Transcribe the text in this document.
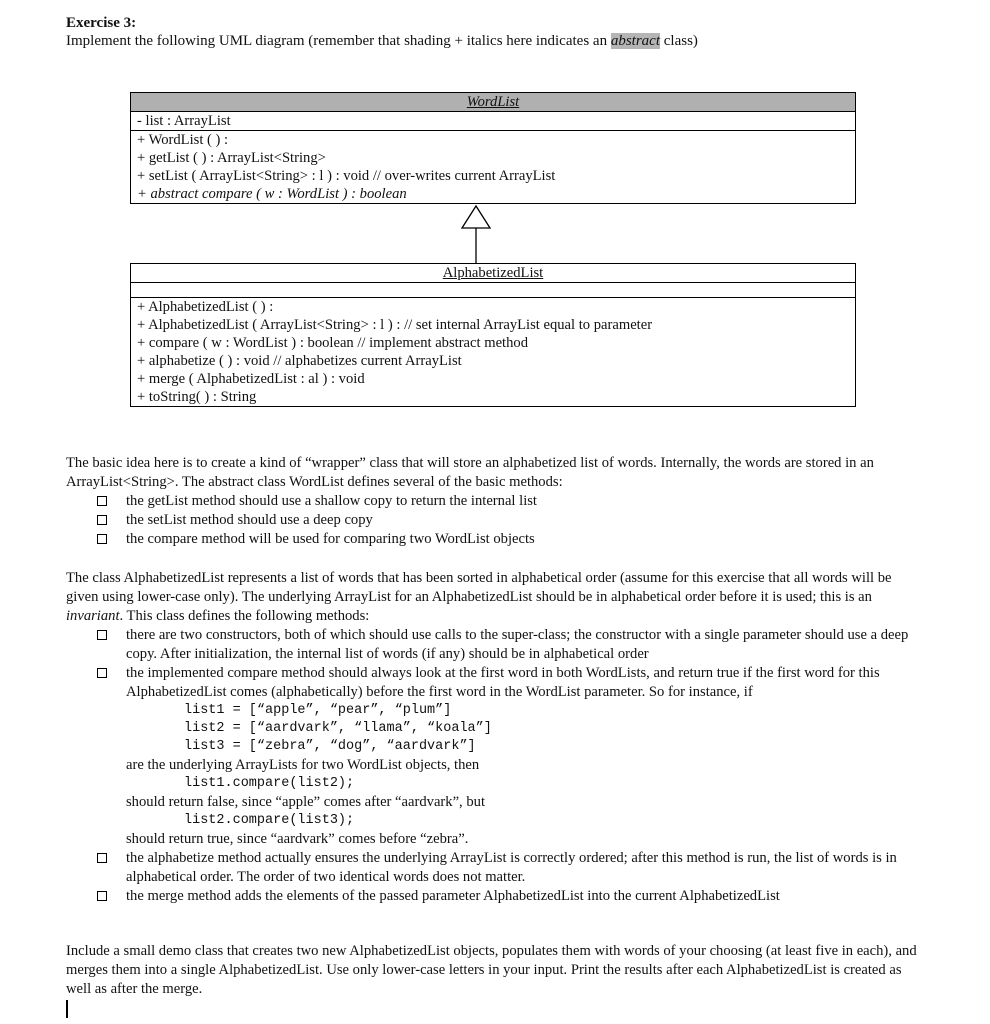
Exercise 3:
Implement the following UML diagram (remember that shading + italics here indicates an abstract class)
WordList
- list : ArrayList
+ WordList ( ) :
+ getList ( ) : ArrayList<String>
+ setList ( ArrayList<String> : l ) : void // over-writes current ArrayList
+ abstract compare ( w : WordList ) : boolean
AlphabetizedList
+ AlphabetizedList ( ) :
+ AlphabetizedList ( ArrayList<String> : l ) : // set internal ArrayList equal to parameter
+ compare ( w : WordList ) : boolean // implement abstract method
+ alphabetize ( ) : void // alphabetizes current ArrayList
+ merge ( AlphabetizedList : al ) : void
+ toString( ) : String
The basic idea here is to create a kind of “wrapper” class that will store an alphabetized list of words. Internally, the words are stored in an ArrayList<String>. The abstract class WordList defines several of the basic methods:
the getList method should use a shallow copy to return the internal list
the setList method should use a deep copy
the compare method will be used for comparing two WordList objects
The class AlphabetizedList represents a list of words that has been sorted in alphabetical order (assume for this exercise that all words will be given using lower-case only). The underlying ArrayList for an AlphabetizedList should be in alphabetical order before it is used; this is an invariant. This class defines the following methods:
there are two constructors, both of which should use calls to the super-class; the constructor with a single parameter should use a deep copy. After initialization, the internal list of words (if any) should be in alphabetical order
the implemented compare method should always look at the first word in both WordLists, and return true if the first word for this AlphabetizedList comes (alphabetically) before the first word in the WordList parameter. So for instance, if
list1 = [“apple”, “pear”, “plum”]
list2 = [“aardvark”, “llama”, “koala”]
list3 = [“zebra”, “dog”, “aardvark”]
are the underlying ArrayLists for two WordList objects, then
list1.compare(list2);
should return false, since “apple” comes after “aardvark”, but
list2.compare(list3);
should return true, since “aardvark” comes before “zebra”.
the alphabetize method actually ensures the underlying ArrayList is correctly ordered; after this method is run, the list of words is in alphabetical order. The order of two identical words does not matter.
the merge method adds the elements of the passed parameter AlphabetizedList into the current AlphabetizedList
Include a small demo class that creates two new AlphabetizedList objects, populates them with words of your choosing (at least five in each), and merges them into a single AlphabetizedList. Use only lower-case letters in your input. Print the results after each AlphabetizedList is created as well as after the merge.
